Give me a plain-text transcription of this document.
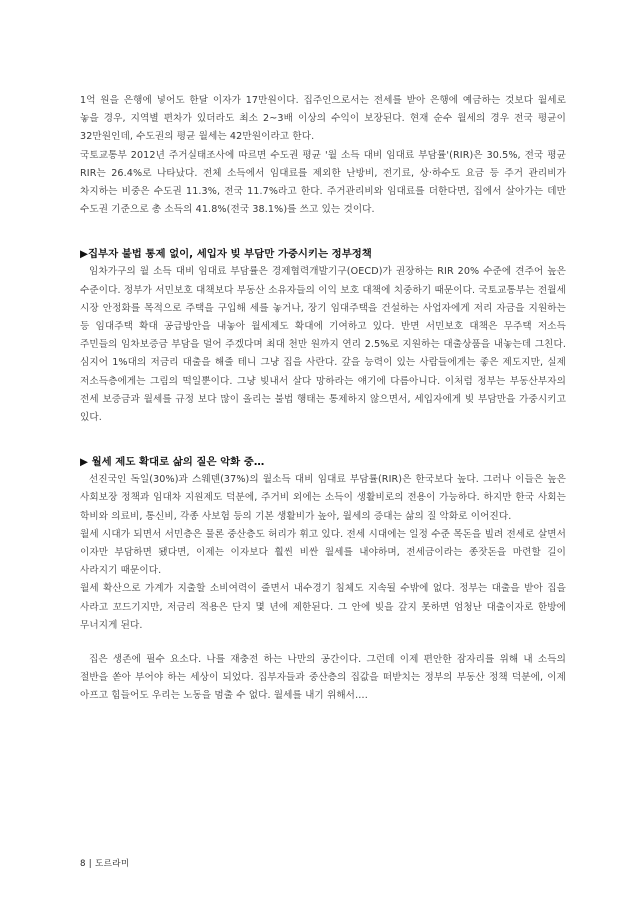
1억 원을 은행에 넣어도 한달 이자가 17만원이다. 집주인으로서는 전세를 받아 은행에 예금하는 것보다 월세로 놓을 경우, 지역별 편차가 있더라도 최소 2~3배 이상의 수익이 보장된다. 현재 순수 월세의 경우 전국 평균이 32만원인데, 수도권의 평균 월세는 42만원이라고 한다.

국토교통부 2012년 주거실태조사에 따르면 수도권 평균 '월 소득 대비 임대료 부담률'(RIR)은 30.5%, 전국 평균 RIR는 26.4%로 나타났다. 전체 소득에서 임대료를 제외한 난방비, 전기료, 상·하수도 요금 등 주거 관리비가 차지하는 비중은 수도권 11.3%, 전국 11.7%라고 한다. 주거관리비와 임대료를 더한다면, 집에서 살아가는 데만 수도권 기준으로 총 소득의 41.8%(전국 38.1%)를 쓰고 있는 것이다.

▶집부자 불법 통제 없이, 세입자 빚 부담만 가중시키는 정부정책

임차가구의 월 소득 대비 임대료 부담률은 경제협력개발기구(OECD)가 권장하는 RIR 20% 수준에 견주어 높은 수준이다. 정부가 서민보호 대책보다 부동산 소유자들의 이익 보호 대책에 치중하기 때문이다. 국토교통부는 전월세 시장 안정화를 목적으로 주택을 구입해 세를 놓거나, 장기 임대주택을 건설하는 사업자에게 저리 자금을 지원하는 등 임대주택 확대 공급방안을 내놓아 월세제도 확대에 기여하고 있다. 반면 서민보호 대책은 무주택 저소득 주민들의 임차보증금 부담을 덜어 주겠다며 최대 천만 원까지 연리 2.5%로 지원하는 대출상품을 내놓는데 그친다. 심지어 1%대의 저금리 대출을 해줄 테니 그냥 집을 사란다. 갚을 능력이 있는 사람들에게는 좋은 제도지만, 실제 저소득층에게는 그림의 떡일뿐이다. 그냥 빚내서 살다 망하라는 얘기에 다름아니다. 이처럼 정부는 부동산부자의 전세 보증금과 월세를 규정 보다 많이 올리는 불법 행태는 통제하지 않으면서, 세입자에게 빚 부담만을 가중시키고 있다.

▶ 월세 제도 확대로 삶의 질은 악화 중…

선진국인 독일(30%)과 스웨덴(37%)의 월소득 대비 임대료 부담률(RIR)은 한국보다 높다. 그러나 이들은 높은 사회보장 정책과 임대차 지원제도 덕분에, 주거비 외에는 소득이 생활비로의 전용이 가능하다. 하지만 한국 사회는 학비와 의료비, 통신비, 각종 사보험 등의 기본 생활비가 높아, 월세의 증대는 삶의 질 악화로 이어진다.

월세 시대가 되면서 서민층은 물론 중산층도 허리가 휘고 있다. 전세 시대에는 일정 수준 목돈을 빌려 전세로 살면서 이자만 부담하면 됐다면, 이제는 이자보다 훨씬 비싼 월세를 내야하며, 전세금이라는 종잣돈을 마련할 길이 사라지기 때문이다.

월세 확산으로 가계가 지출할 소비여력이 줄면서 내수경기 침체도 지속될 수밖에 없다. 정부는 대출을 받아 집을 사라고 꼬드기지만, 저금리 적용은 단지 몇 년에 제한된다. 그 안에 빚을 갚지 못하면 엄청난 대출이자로 한방에 무너지게 된다.

집은 생존에 필수 요소다. 나를 재충전 하는 나만의 공간이다. 그런데 이제 편안한 잠자리를 위해 내 소득의 절반을 쏟아 부어야 하는 세상이 되었다. 집부자들과 중산층의 집값을 떠받치는 정부의 부동산 정책 덕분에, 이제 아프고 힘들어도 우리는 노동을 멈출 수 없다. 월세를 내기 위해서….

8 | 도르라미
